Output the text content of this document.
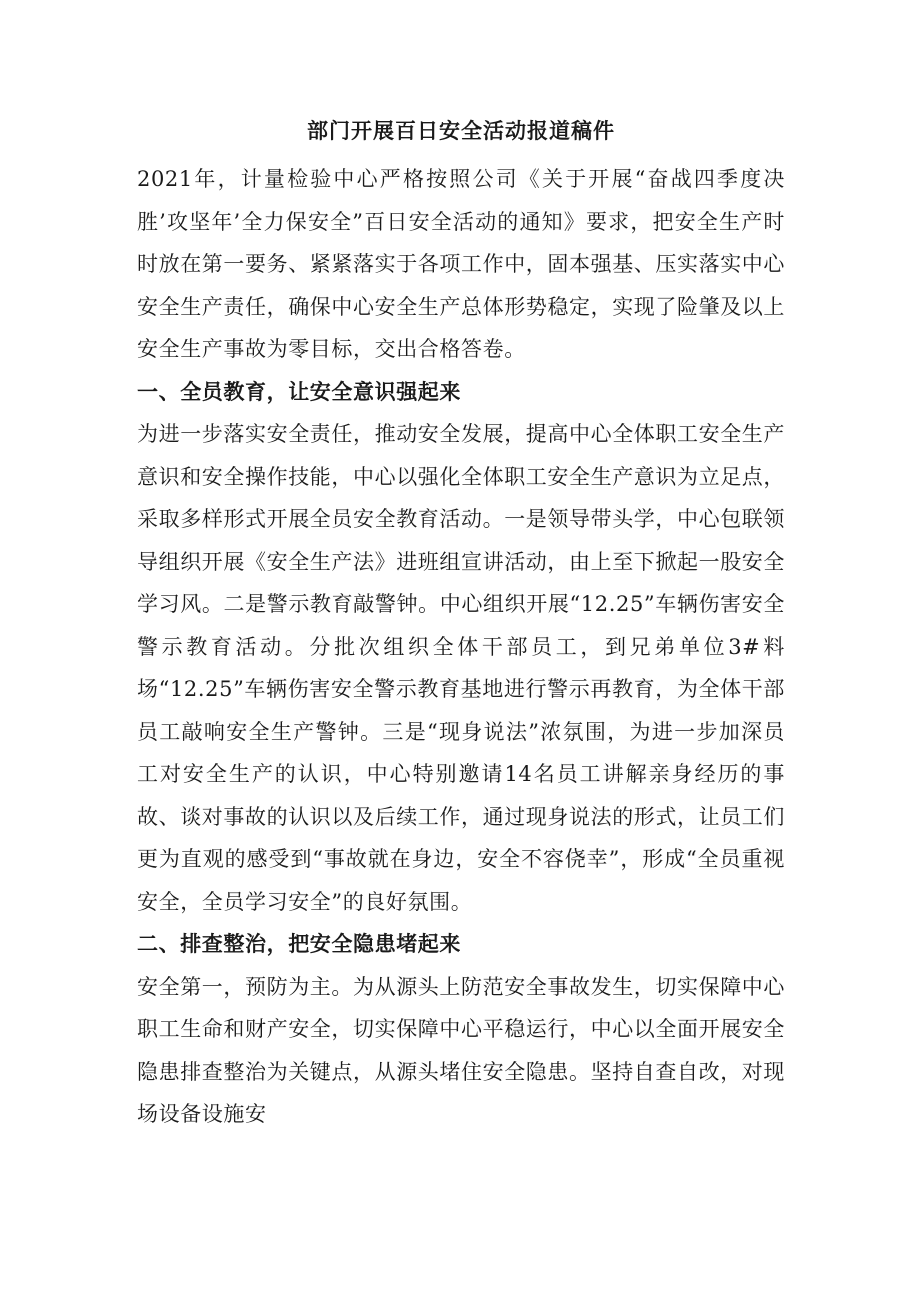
部门开展百日安全活动报道稿件

2021年，计量检验中心严格按照公司《关于开展“奋战四季度决胜’攻坚年’全力保安全”百日安全活动的通知》要求，把安全生产时时放在第一要务、紧紧落实于各项工作中，固本强基、压实落实中心安全生产责任，确保中心安全生产总体形势稳定，实现了险肇及以上安全生产事故为零目标，交出合格答卷。

一、全员教育，让安全意识强起来

为进一步落实安全责任，推动安全发展，提高中心全体职工安全生产意识和安全操作技能，中心以强化全体职工安全生产意识为立足点，采取多样形式开展全员安全教育活动。一是领导带头学，中心包联领导组织开展《安全生产法》进班组宣讲活动，由上至下掀起一股安全学习风。二是警示教育敲警钟。中心组织开展“12.25”车辆伤害安全警示教育活动。分批次组织全体干部员工，到兄弟单位3#料场“12.25”车辆伤害安全警示教育基地进行警示再教育，为全体干部员工敲响安全生产警钟。三是“现身说法”浓氛围，为进一步加深员工对安全生产的认识，中心特别邀请14名员工讲解亲身经历的事故、谈对事故的认识以及后续工作，通过现身说法的形式，让员工们更为直观的感受到“事故就在身边，安全不容侥幸”，形成“全员重视安全，全员学习安全”的良好氛围。

二、排查整治，把安全隐患堵起来

安全第一，预防为主。为从源头上防范安全事故发生，切实保障中心职工生命和财产安全，切实保障中心平稳运行，中心以全面开展安全隐患排查整治为关键点，从源头堵住安全隐患。坚持自查自改，对现场设备设施安
